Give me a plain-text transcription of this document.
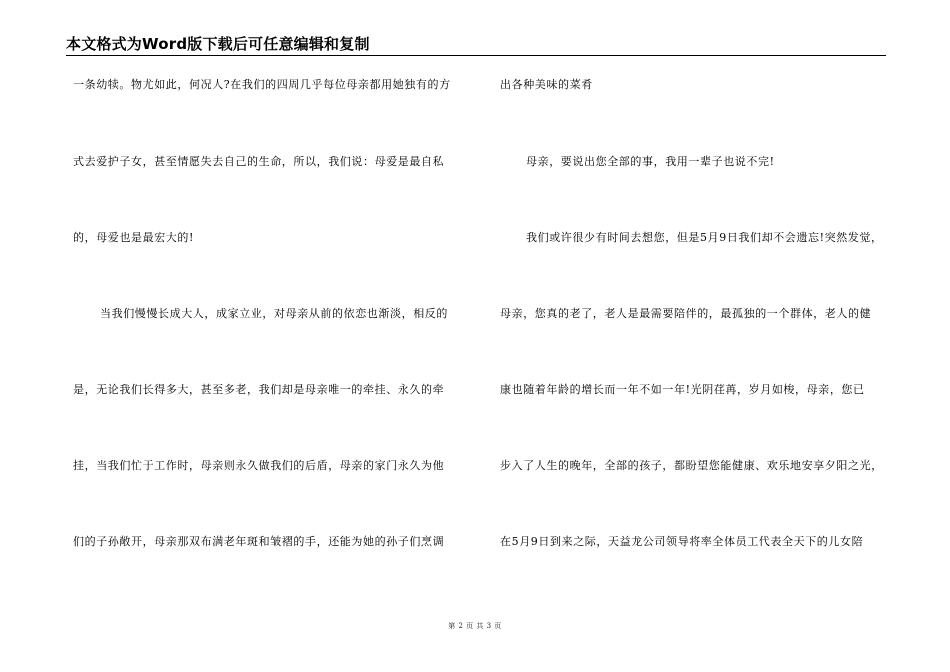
本文格式为Word版下载后可任意编辑和复制
一条幼犊。物尤如此，何况人?在我们的四周几乎每位母亲都用她独有的方
式去爱护子女，甚至情愿失去自己的生命，所以，我们说：母爱是最自私
的，母爱也是最宏大的!
当我们慢慢长成大人，成家立业，对母亲从前的依恋也渐淡，相反的
是，无论我们长得多大，甚至多老，我们却是母亲唯一的牵挂、永久的牵
挂，当我们忙于工作时，母亲则永久做我们的后盾，母亲的家门永久为他
们的子孙敞开，母亲那双布满老年斑和皱褶的手，还能为她的孙子们烹调
出各种美味的菜肴
母亲，要说出您全部的事，我用一辈子也说不完!
我们或许很少有时间去想您，但是5月9日我们却不会遗忘!突然发觉，
母亲，您真的老了，老人是最需要陪伴的，最孤独的一个群体，老人的健
康也随着年龄的增长而一年不如一年!光阴荏苒，岁月如梭，母亲，您已
步入了人生的晚年，全部的孩子，都盼望您能健康、欢乐地安享夕阳之光，
在5月9日到来之际，天益龙公司领导将率全体员工代表全天下的儿女陪
第 2 页 共 3 页
